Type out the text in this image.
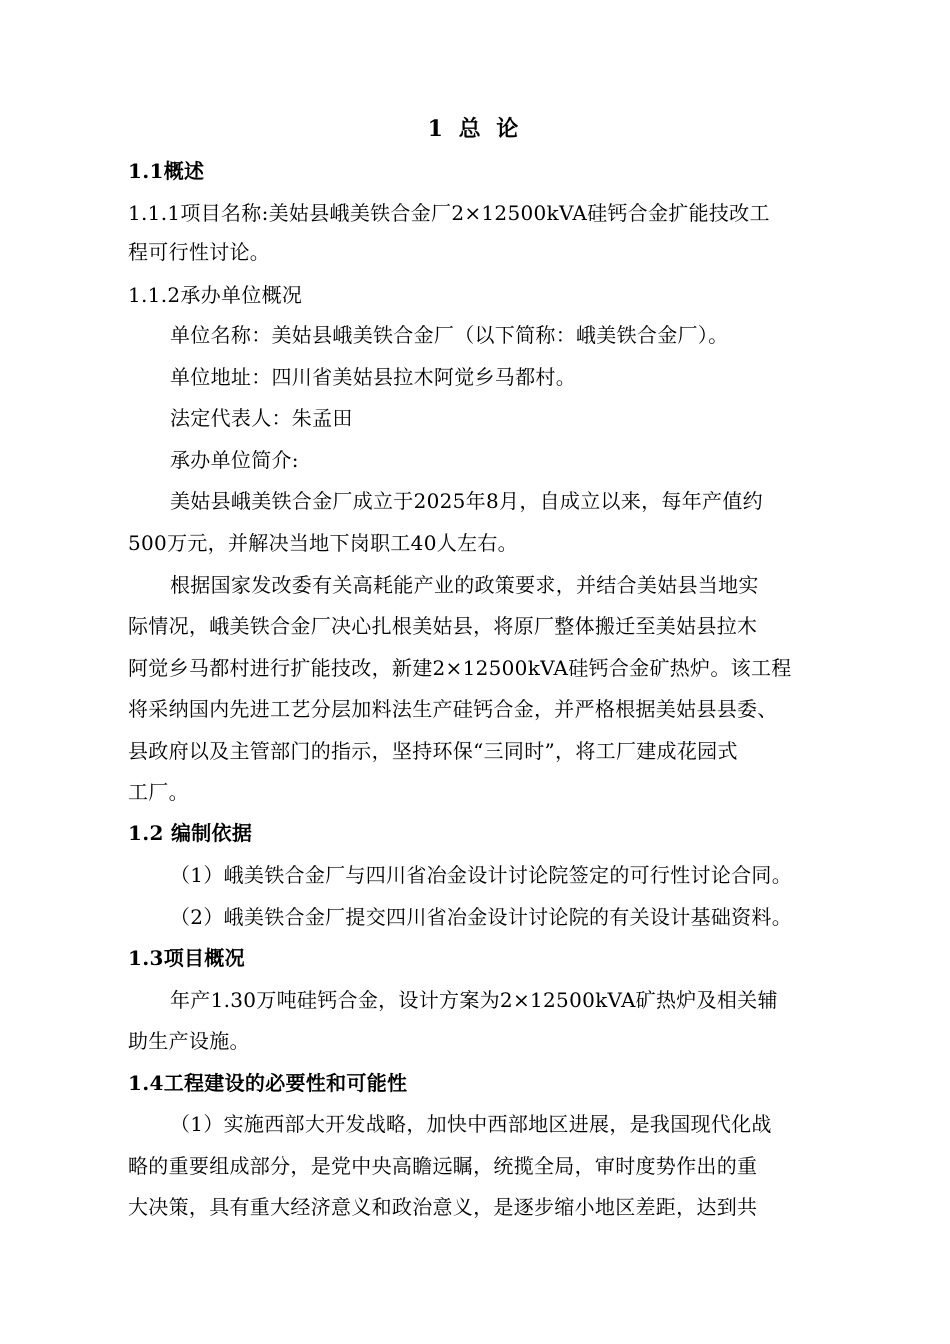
1 总 论
1.1概述
1.1.1项目名称:美姑县峨美铁合金厂2×12500kVA硅钙合金扩能技改工
程可行性讨论。
1.1.2承办单位概况
单位名称：美姑县峨美铁合金厂（以下简称：峨美铁合金厂）。
单位地址：四川省美姑县拉木阿觉乡马都村。
法定代表人：朱孟田
承办单位简介:
美姑县峨美铁合金厂成立于2025年8月，自成立以来，每年产值约
500万元，并解决当地下岗职工40人左右。
根据国家发改委有关高耗能产业的政策要求，并结合美姑县当地实
际情况，峨美铁合金厂决心扎根美姑县，将原厂整体搬迁至美姑县拉木
阿觉乡马都村进行扩能技改，新建2×12500kVA硅钙合金矿热炉。该工程
将采纳国内先进工艺分层加料法生产硅钙合金，并严格根据美姑县县委、
县政府以及主管部门的指示，坚持环保“三同时”，将工厂建成花园式
工厂。
1.2 编制依据
（1）峨美铁合金厂与四川省冶金设计讨论院签定的可行性讨论合同。
（2）峨美铁合金厂提交四川省冶金设计讨论院的有关设计基础资料。
1.3项目概况
年产1.30万吨硅钙合金，设计方案为2×12500kVA矿热炉及相关辅
助生产设施。
1.4工程建设的必要性和可能性
（1）实施西部大开发战略，加快中西部地区进展，是我国现代化战
略的重要组成部分，是党中央高瞻远瞩，统揽全局，审时度势作出的重
大决策，具有重大经济意义和政治意义，是逐步缩小地区差距，达到共
